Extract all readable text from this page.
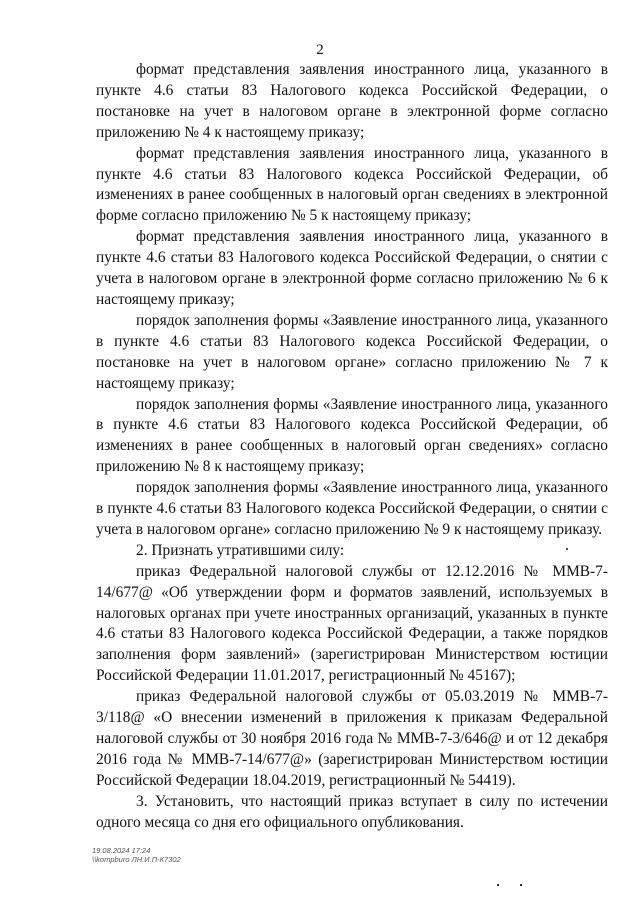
2

формат представления заявления иностранного лица, указанного в пункте 4.6 статьи 83 Налогового кодекса Российской Федерации, о постановке на учет в налоговом органе в электронной форме согласно приложению № 4 к настоящему приказу;

формат представления заявления иностранного лица, указанного в пункте 4.6 статьи 83 Налогового кодекса Российской Федерации, об изменениях в ранее сообщенных в налоговый орган сведениях в электронной форме согласно приложению № 5 к настоящему приказу;

формат представления заявления иностранного лица, указанного в пункте 4.6 статьи 83 Налогового кодекса Российской Федерации, о снятии с учета в налоговом органе в электронной форме согласно приложению № 6 к настоящему приказу;

порядок заполнения формы «Заявление иностранного лица, указанного в пункте 4.6 статьи 83 Налогового кодекса Российской Федерации, о постановке на учет в налоговом органе» согласно приложению № 7 к настоящему приказу;

порядок заполнения формы «Заявление иностранного лица, указанного в пункте 4.6 статьи 83 Налогового кодекса Российской Федерации, об изменениях в ранее сообщенных в налоговый орган сведениях» согласно приложению № 8 к настоящему приказу;

порядок заполнения формы «Заявление иностранного лица, указанного в пункте 4.6 статьи 83 Налогового кодекса Российской Федерации, о снятии с учета в налоговом органе» согласно приложению № 9 к настоящему приказу.

2. Признать утратившими силу:

приказ Федеральной налоговой службы от 12.12.2016 № ММВ-7-14/677@ «Об утверждении форм и форматов заявлений, используемых в налоговых органах при учете иностранных организаций, указанных в пункте 4.6 статьи 83 Налогового кодекса Российской Федерации, а также порядков заполнения форм заявлений» (зарегистрирован Министерством юстиции Российской Федерации 11.01.2017, регистрационный № 45167);

приказ Федеральной налоговой службы от 05.03.2019 № ММВ-7-3/118@ «О внесении изменений в приложения к приказам Федеральной налоговой службы от 30 ноября 2016 года № ММВ-7-3/646@ и от 12 декабря 2016 года № ММВ-7-14/677@» (зарегистрирован Министерством юстиции Российской Федерации 18.04.2019, регистрационный № 54419).

3. Установить, что настоящий приказ вступает в силу по истечении одного месяца со дня его официального опубликования.

19.08.2024 17:24
\\kompburo ЛН.И.П-К7302
